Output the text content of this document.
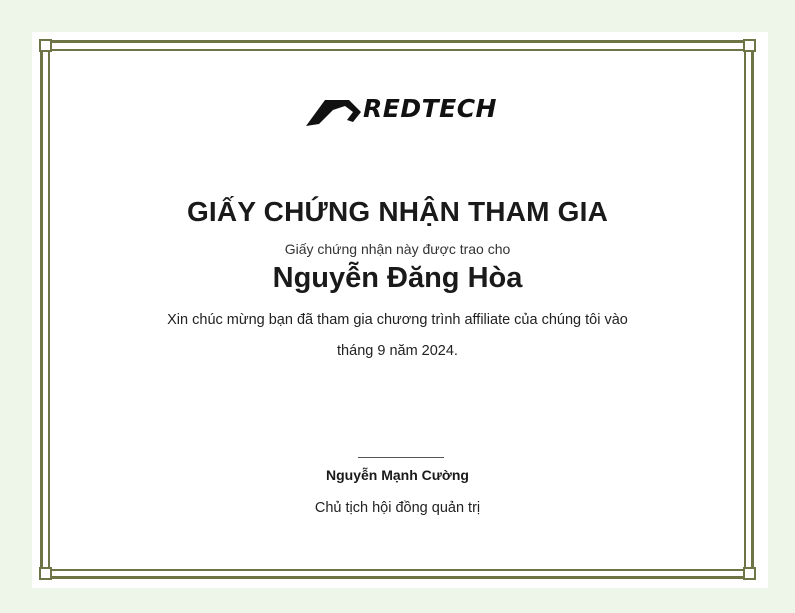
REDTECH
GIẤY CHỨNG NHẬN THAM GIA
Giấy chứng nhận này được trao cho
Nguyễn Đăng Hòa
Xin chúc mừng bạn đã tham gia chương trình affiliate của chúng tôi vào
tháng 9 năm 2024.
Nguyễn Mạnh Cường
Chủ tịch hội đồng quản trị
